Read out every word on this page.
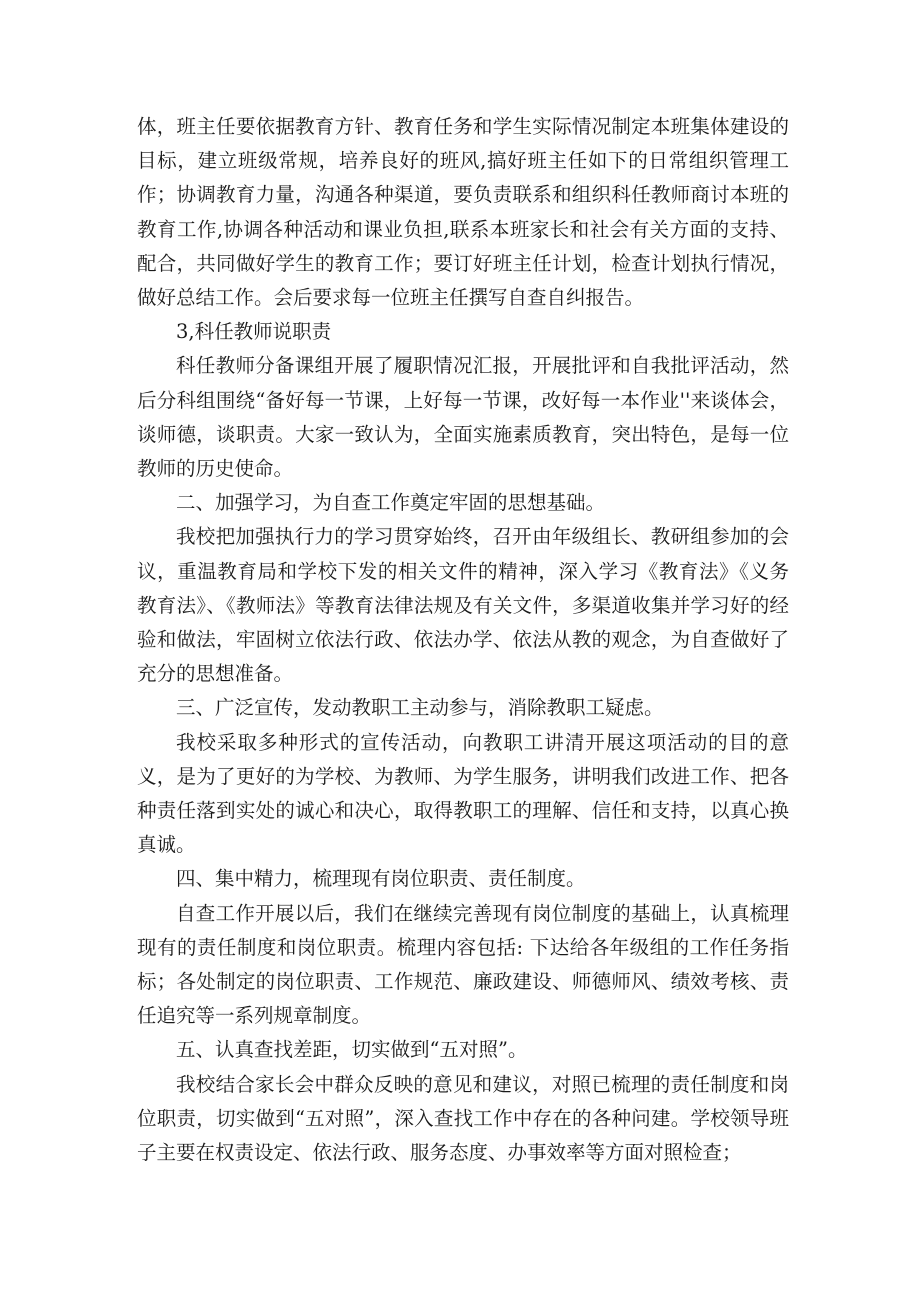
体，班主任要依据教育方针、教育任务和学生实际情况制定本班集体建设的目标，建立班级常规，培养良好的班风,搞好班主任如下的日常组织管理工作；协调教育力量，沟通各种渠道，要负责联系和组织科任教师商讨本班的教育工作,协调各种活动和课业负担,联系本班家长和社会有关方面的支持、配合，共同做好学生的教育工作；要订好班主任计划，检查计划执行情况，做好总结工作。会后要求每一位班主任撰写自查自纠报告。

3,科任教师说职责

科任教师分备课组开展了履职情况汇报，开展批评和自我批评活动，然后分科组围绕“备好每一节课，上好每一节课，改好每一本作业''来谈体会，谈师德，谈职责。大家一致认为，全面实施素质教育，突出特色，是每一位教师的历史使命。

二、加强学习，为自查工作奠定牢固的思想基础。

我校把加强执行力的学习贯穿始终，召开由年级组长、教研组参加的会议，重温教育局和学校下发的相关文件的精神，深入学习《教育法》《义务教育法》、《教师法》等教育法律法规及有关文件，多渠道收集并学习好的经验和做法，牢固树立依法行政、依法办学、依法从教的观念，为自查做好了充分的思想准备。

三、广泛宣传，发动教职工主动参与，消除教职工疑虑。

我校采取多种形式的宣传活动，向教职工讲清开展这项活动的目的意义，是为了更好的为学校、为教师、为学生服务，讲明我们改进工作、把各种责任落到实处的诚心和决心，取得教职工的理解、信任和支持，以真心换真诚。

四、集中精力，梳理现有岗位职责、责任制度。

自查工作开展以后，我们在继续完善现有岗位制度的基础上，认真梳理现有的责任制度和岗位职责。梳理内容包括: 下达给各年级组的工作任务指标；各处制定的岗位职责、工作规范、廉政建设、师德师风、绩效考核、责任追究等一系列规章制度。

五、认真查找差距，切实做到“五对照”。

我校结合家长会中群众反映的意见和建议，对照已梳理的责任制度和岗位职责，切实做到“五对照”，深入查找工作中存在的各种问建。学校领导班子主要在权责设定、依法行政、服务态度、办事效率等方面对照检查；
